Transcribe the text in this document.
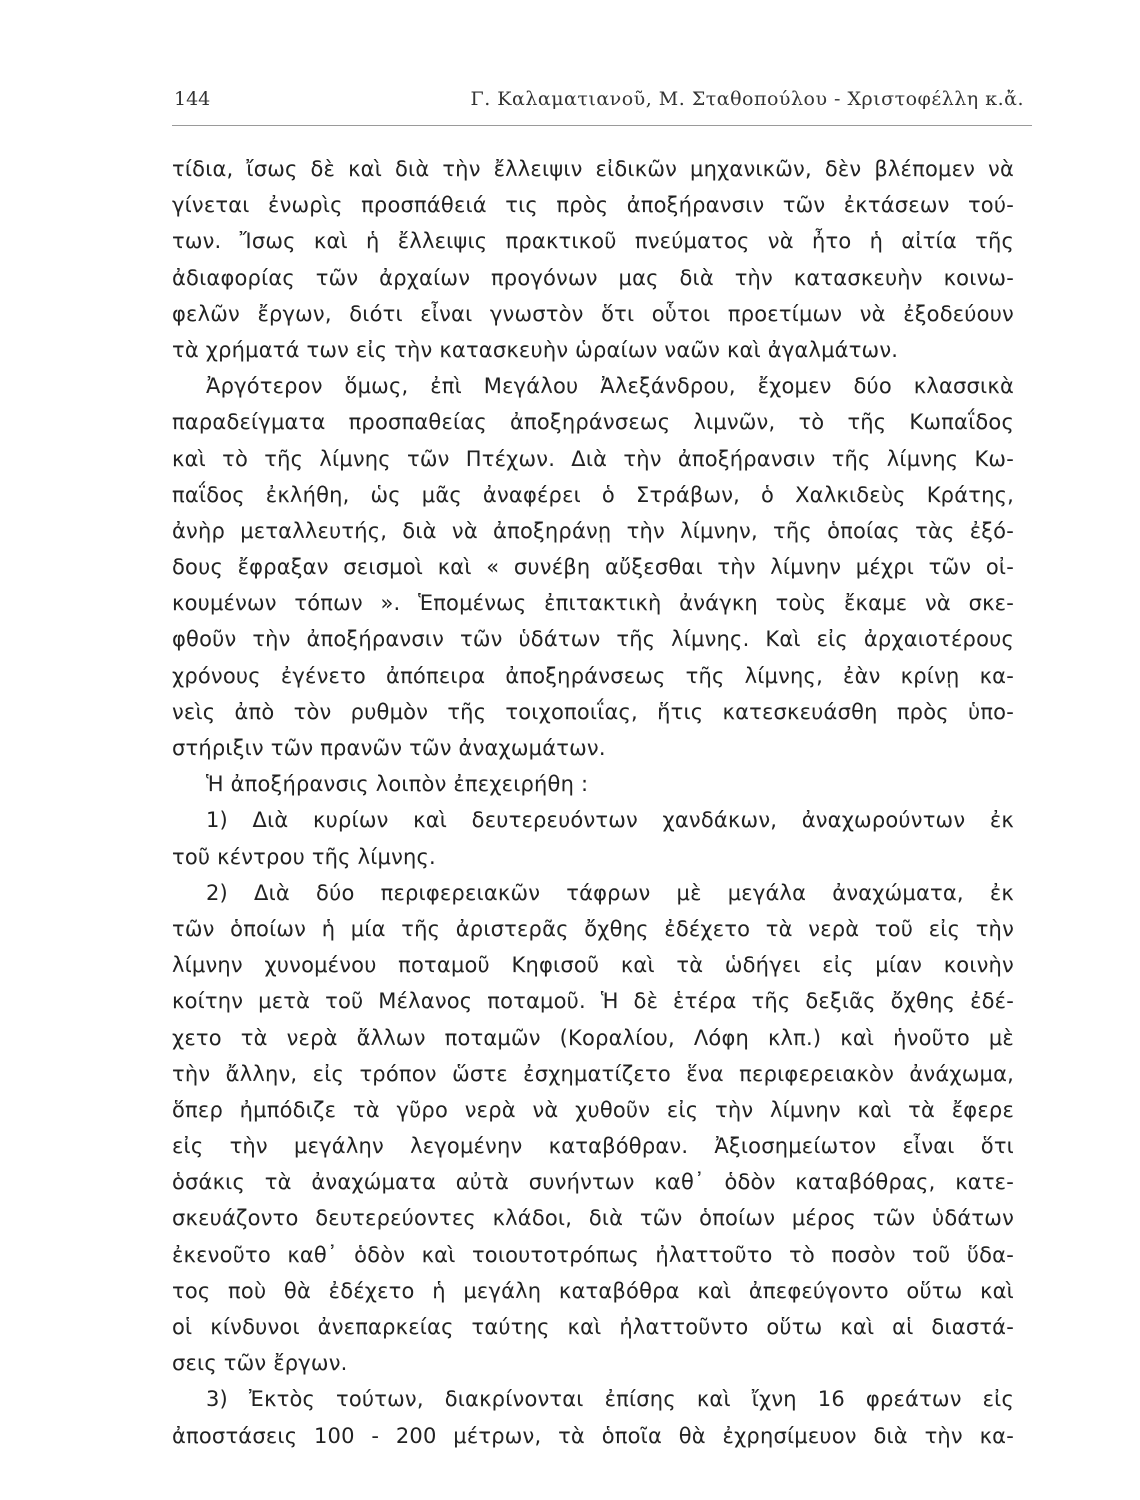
144	Γ. Καλαματιανοῦ, Μ. Σταθοπούλου - Χριστοφέλλη κ.ἄ.
τίδια, ἴσως δὲ καὶ διὰ τὴν ἔλλειψιν εἰδικῶν μηχανικῶν, δὲν βλέπομεν νὰ
γίνεται ἐνωρὶς προσπάθειά τις πρὸς ἀποξήρανσιν τῶν ἐκτάσεων τού-
των. Ἴσως καὶ ἡ ἔλλειψις πρακτικοῦ πνεύματος νὰ ἦτο ἡ αἰτία τῆς
ἀδιαφορίας τῶν ἀρχαίων προγόνων μας διὰ τὴν κατασκευὴν κοινω-
φελῶν ἔργων, διότι εἶναι γνωστὸν ὅτι οὗτοι προετίμων νὰ ἐξοδεύουν
τὰ χρήματά των εἰς τὴν κατασκευὴν ὡραίων ναῶν καὶ ἀγαλμάτων.
Ἀργότερον ὅμως, ἐπὶ Μεγάλου Ἀλεξάνδρου, ἔχομεν δύο κλασσικὰ
παραδείγματα προσπαθείας ἀποξηράνσεως λιμνῶν, τὸ τῆς Κωπαΐδος
καὶ τὸ τῆς λίμνης τῶν Πτέχων. Διὰ τὴν ἀποξήρανσιν τῆς λίμνης Κω-
παΐδος ἐκλήθη, ὡς μᾶς ἀναφέρει ὁ Στράβων, ὁ Χαλκιδεὺς Κράτης,
ἀνὴρ μεταλλευτής, διὰ νὰ ἀποξηράνῃ τὴν λίμνην, τῆς ὁποίας τὰς ἐξό-
δους ἔφραξαν σεισμοὶ καὶ « συνέβη αὔξεσθαι τὴν λίμνην μέχρι τῶν οἰ-
κουμένων τόπων ». Ἑπομένως ἐπιτακτικὴ ἀνάγκη τοὺς ἔκαμε νὰ σκε-
φθοῦν τὴν ἀποξήρανσιν τῶν ὑδάτων τῆς λίμνης. Καὶ εἰς ἀρχαιοτέρους
χρόνους ἐγένετο ἀπόπειρα ἀποξηράνσεως τῆς λίμνης, ἐὰν κρίνῃ κα-
νεὶς ἀπὸ τὸν ρυθμὸν τῆς τοιχοποιΐας, ἥτις κατεσκευάσθη πρὸς ὑπο-
στήριξιν τῶν πρανῶν τῶν ἀναχωμάτων.
Ἡ ἀποξήρανσις λοιπὸν ἐπεχειρήθη :
1) Διὰ κυρίων καὶ δευτερευόντων χανδάκων, ἀναχωρούντων ἐκ
τοῦ κέντρου τῆς λίμνης.
2) Διὰ δύο περιφερειακῶν τάφρων μὲ μεγάλα ἀναχώματα, ἐκ
τῶν ὁποίων ἡ μία τῆς ἀριστερᾶς ὄχθης ἐδέχετο τὰ νερὰ τοῦ εἰς τὴν
λίμνην χυνομένου ποταμοῦ Κηφισοῦ καὶ τὰ ὡδήγει εἰς μίαν κοινὴν
κοίτην μετὰ τοῦ Μέλανος ποταμοῦ. Ἡ δὲ ἑτέρα τῆς δεξιᾶς ὄχθης ἐδέ-
χετο τὰ νερὰ ἄλλων ποταμῶν (Κοραλίου, Λόφη κλπ.) καὶ ἡνοῦτο μὲ
τὴν ἄλλην, εἰς τρόπον ὥστε ἐσχηματίζετο ἕνα περιφερειακὸν ἀνάχωμα,
ὅπερ ἠμπόδιζε τὰ γῦρο νερὰ νὰ χυθοῦν εἰς τὴν λίμνην καὶ τὰ ἔφερε
εἰς τὴν μεγάλην λεγομένην καταβόθραν. Ἀξιοσημείωτον εἶναι ὅτι
ὁσάκις τὰ ἀναχώματα αὐτὰ συνήντων καθ᾽ ὁδὸν καταβόθρας, κατε-
σκευάζοντο δευτερεύοντες κλάδοι, διὰ τῶν ὁποίων μέρος τῶν ὑδάτων
ἐκενοῦτο καθ᾽ ὁδὸν καὶ τοιουτοτρόπως ἠλαττοῦτο τὸ ποσὸν τοῦ ὕδα-
τος ποὺ θὰ ἐδέχετο ἡ μεγάλη καταβόθρα καὶ ἀπεφεύγοντο οὕτω καὶ
οἱ κίνδυνοι ἀνεπαρκείας ταύτης καὶ ἠλαττοῦντο οὕτω καὶ αἱ διαστά-
σεις τῶν ἔργων.
3) Ἐκτὸς τούτων, διακρίνονται ἐπίσης καὶ ἴχνη 16 φρεάτων εἰς
ἀποστάσεις 100 - 200 μέτρων, τὰ ὁποῖα θὰ ἐχρησίμευον διὰ τὴν κα-
